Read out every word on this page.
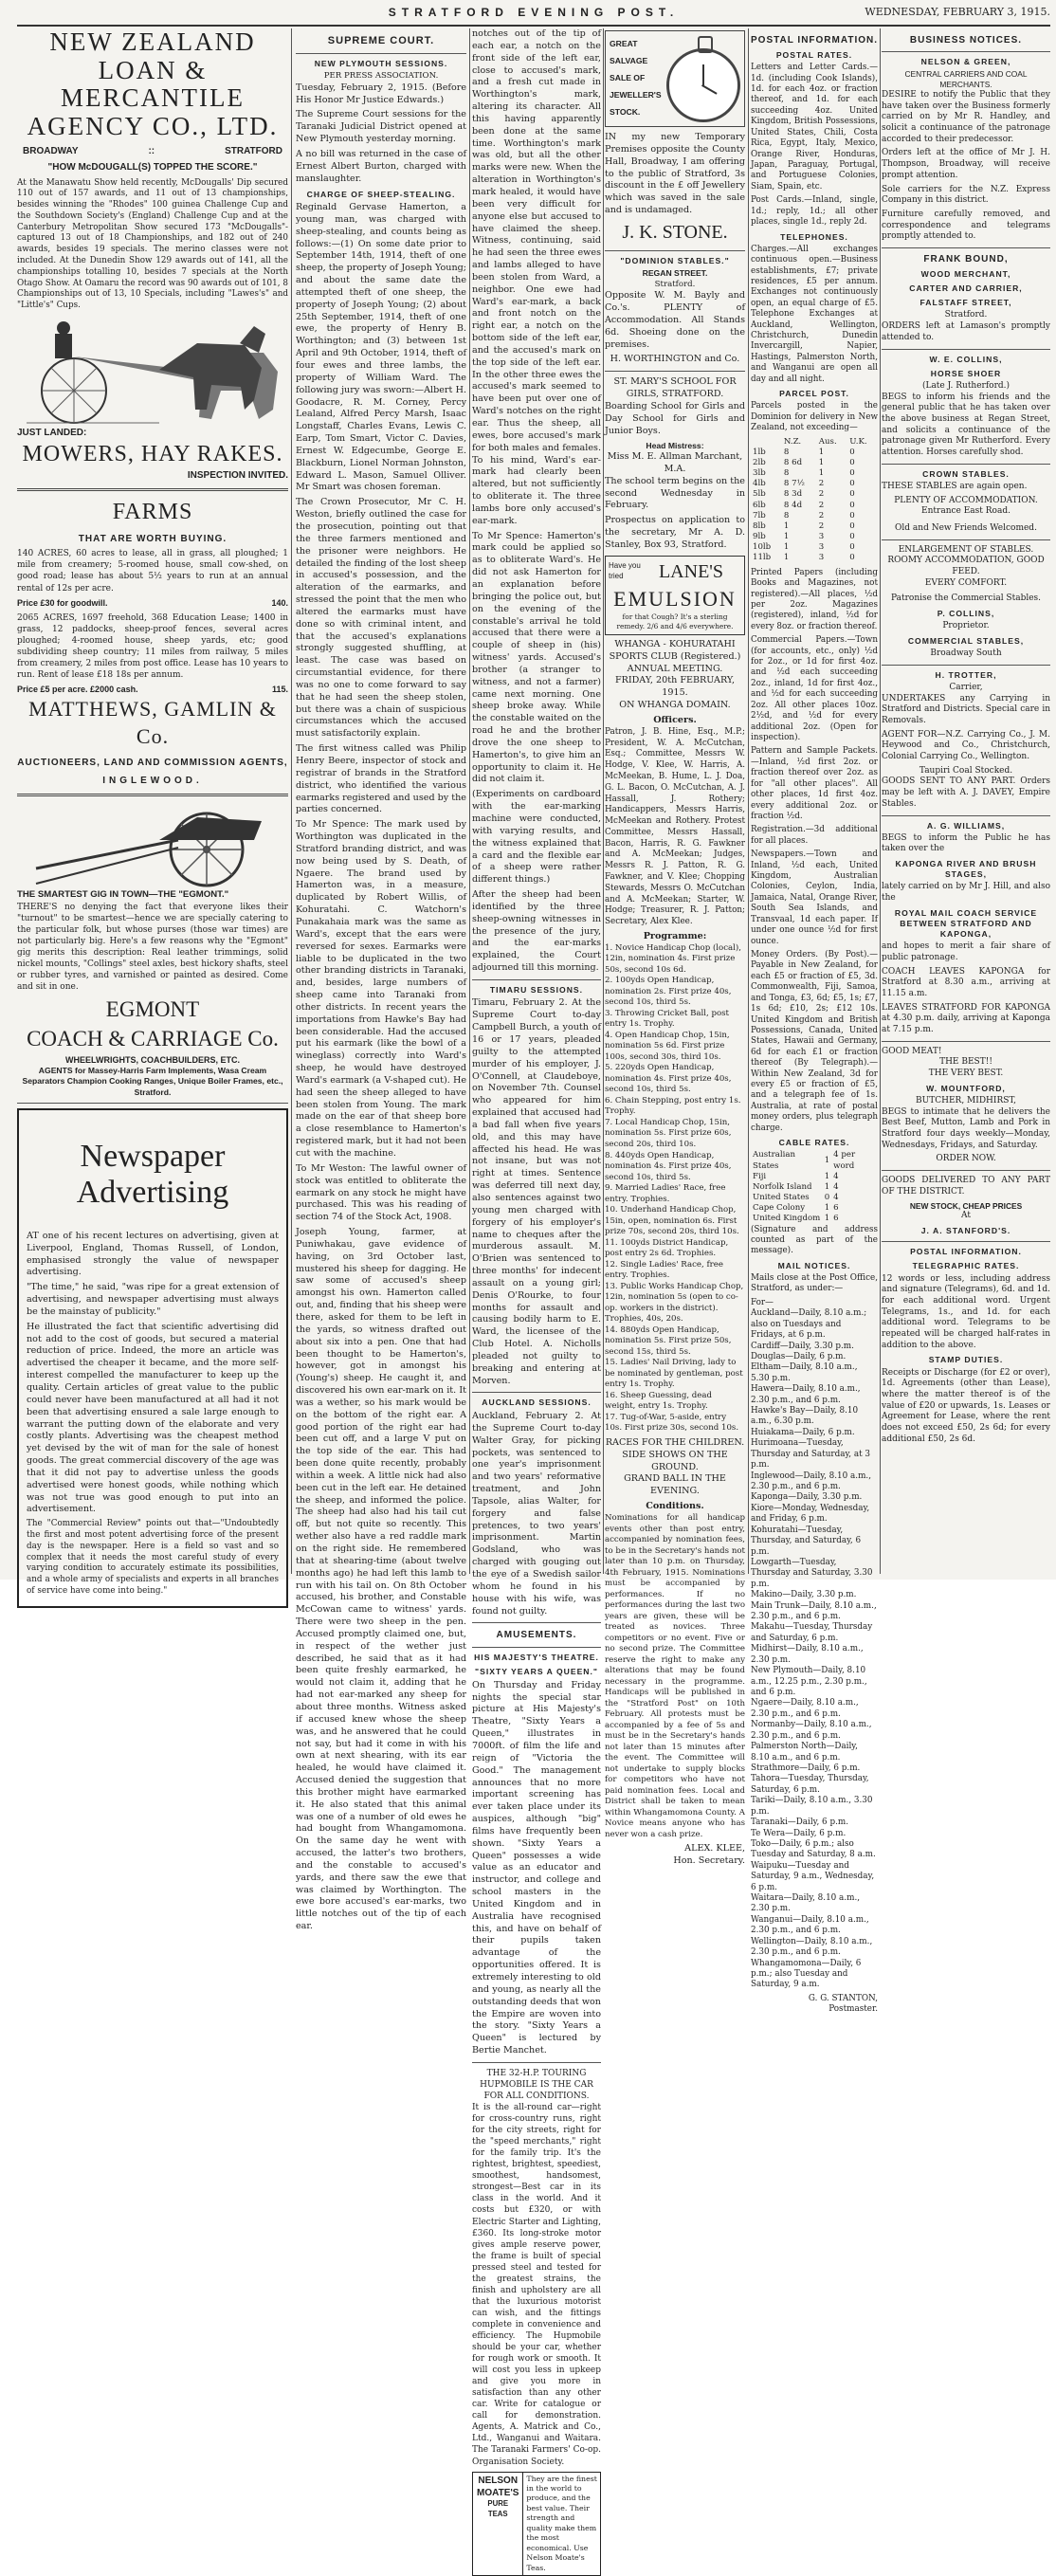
STRATFORD EVENING POST.	WEDNESDAY, FEBRUARY 3, 1915.
NEW ZEALAND
LOAN & MERCANTILE
AGENCY CO., LTD.
BROADWAY	::	STRATFORD
"HOW McDOUGALL(S) TOPPED THE SCORE."

At the Manawatu Show held recently, McDougalls' Dip secured 110 out of 157 awards, and 11 out of 13 championships, besides winning the "Rhodes" 100 guinea Challenge Cup and the Southdown Society's (England) Challenge Cup and at the Canterbury Metropolitan Show secured 173 "McDougalls"-captured 13 out of 18 Championships, and 182 out of 240 awards, besides 19 specials. The merino classes were not included. At the Dunedin Show 129 awards out of 141, all the championships totalling 10, besides 7 specials at the North Otago Show. At Oamaru the record was 90 awards out of 101, 8 Championships out of 13, 10 Specials, including "Lawes's" and "Little's" Cups.

JUST LANDED:
MOWERS, HAY RAKES.
INSPECTION INVITED.
FARMS
THAT ARE WORTH BUYING.

140 ACRES, 60 acres to lease, all in grass, all ploughed; 1 mile from creamery; 5-roomed house, small cow-shed, on good road; lease has about 5½ years to run at an annual rental of 12s per acre.

Price £30 for goodwill.	140.

2065 ACRES, 1697 freehold, 368 Education Lease; 1400 in grass, 12 paddocks, sheep-proof fences, several acres ploughed; 4-roomed house, sheep yards, etc; good subdividing sheep country; 11 miles from railway, 5 miles from creamery, 2 miles from post office. Lease has 10 years to run. Rent of lease £18 18s per annum.

Price £5 per acre. £2000 cash.	115.
MATTHEWS, GAMLIN & Co.
AUCTIONEERS, LAND AND COMMISSION AGENTS,
INGLEWOOD.
THE SMARTEST GIG IN TOWN—THE "EGMONT."

THERE'S no denying the fact that everyone likes their "turnout" to be smartest—hence we are specially catering to the particular folk, but whose purses (those war times) are not particularly big. Here's a few reasons why the "Egmont" gig merits this description: Real leather trimmings, solid nickel mounts, "Collings" steel axles, best hickory shafts, steel or rubber tyres, and varnished or painted as desired. Come and sit in one.

EGMONT
COACH & CARRIAGE Co.
WHEELWRIGHTS, COACHBUILDERS, ETC.
AGENTS for Massey-Harris Farm Implements, Wasa Cream Separators Champion Cooking Ranges, Unique Boiler Frames, etc., Stratford.
Newspaper
Advertising

AT one of his recent lectures on advertising, given at Liverpool, England, Thomas Russell, of London, emphasised strongly the value of newspaper advertising.

"The time," he said, "was ripe for a great extension of advertising, and newspaper advertising must always be the mainstay of publicity."

He illustrated the fact that scientific advertising did not add to the cost of goods, but secured a material reduction of price. Indeed, the more an article was advertised the cheaper it became, and the more self-interest compelled the manufacturer to keep up the quality. Certain articles of great value to the public could never have been manufactured at all had it not been that advertising ensured a sale large enough to warrant the putting down of the elaborate and very costly plants. Advertising was the cheapest method yet devised by the wit of man for the sale of honest goods. The great commercial discovery of the age was that it did not pay to advertise unless the goods advertised were honest goods, while nothing which was not true was good enough to put into an advertisement.

The "Commercial Review" points out that—"Undoubtedly the first and most potent advertising force of the present day is the newspaper. Here is a field so vast and so complex that it needs the most careful study of every varying condition to accurately estimate its possibilities, and a whole army of specialists and experts in all branches of service have come into being."

SUPREME COURT.
NEW PLYMOUTH SESSIONS.
PER PRESS ASSOCIATION.

Tuesday, February 2, 1915. (Before His Honor Mr Justice Edwards.)

The Supreme Court sessions for the Taranaki Judicial District opened at New Plymouth yesterday morning.

A no bill was returned in the case of Ernest Albert Burton, charged with manslaughter.

CHARGE OF SHEEP-STEALING.

Reginald Gervase Hamerton, a young man, was charged with sheep-stealing, and counts being as follows:—(1) On some date prior to September 14th, 1914, theft of one sheep, the property of Joseph Young; and about the same date the attempted theft of one sheep, the property of Joseph Young; (2) about 25th September, 1914, theft of one ewe, the property of Henry B. Worthington; and (3) between 1st April and 9th October, 1914, theft of four ewes and three lambs, the property of William Ward. The following jury was sworn:—Albert H. Goodacre, R. M. Corney, Percy Lealand, Alfred Percy Marsh, Isaac Longstaff, Charles Evans, Lewis C. Earp, Tom Smart, Victor C. Davies, Ernest W. Edgecumbe, George E. Blackburn, Lionel Norman Johnston, Edward L. Mason, Samuel Olliver. Mr Smart was chosen foreman.

The Crown Prosecutor, Mr C. H. Weston, briefly outlined the case for the prosecution, pointing out that the three farmers mentioned and the prisoner were neighbors. He detailed the finding of the lost sheep in accused's possession, and the alteration of the earmarks, and stressed the point that the men who altered the earmarks must have done so with criminal intent, and that the accused's explanations strongly suggested shuffling, at least. The case was based on circumstantial evidence, for there was no one to come forward to say that he had seen the sheep stolen, but there was a chain of suspicious circumstances which the accused must satisfactorily explain.

The first witness called was Philip Henry Beere, inspector of stock and registrar of brands in the Stratford district, who identified the various earmarks registered and used by the parties concerned.

To Mr Spence: The mark used by Worthington was duplicated in the Stratford branding district, and was now being used by S. Death, of Ngaere. The brand used by Hamerton was, in a measure, duplicated by Robert Willis, of Kohuratahi. C. Watchorn's Punakahaia mark was the same as Ward's, except that the ears were reversed for sexes. Earmarks were liable to be duplicated in the two other branding districts in Taranaki, and, besides, large numbers of sheep came into Taranaki from other districts. In recent years the importations from Hawke's Bay had been considerable. Had the accused put his earmark (like the bowl of a wineglass) correctly into Ward's sheep, he would have destroyed Ward's earmark (a V-shaped cut). He had seen the sheep alleged to have been stolen from Young. The mark made on the ear of that sheep bore a close resemblance to Hamerton's registered mark, but it had not been cut with the machine.

To Mr Weston: The lawful owner of stock was entitled to obliterate the earmark on any stock he might have purchased. This was his reading of section 74 of the Stock Act, 1908.

Joseph Young, farmer, at Puniwhakau, gave evidence of having, on 3rd October last, mustered his sheep for dagging. He saw some of accused's sheep amongst his own. Hamerton called out, and, finding that his sheep were there, asked for them to be left in the yards, so witness drafted out about six into a pen. One that had been thought to be Hamerton's, however, got in amongst his (Young's) sheep. He caught it, and discovered his own ear-mark on it. It was a wether, so his mark would be on the bottom of the right ear. A good portion of the right ear had been cut off, and a large V put on the top side of the ear. This had been done quite recently, probably within a week. A little nick had also been cut in the left ear. He detained the sheep, and informed the police. The sheep had also had his tail cut off, but not quite so recently. This wether also have a red raddle mark on the right side. He remembered that at shearing-time (about twelve months ago) he had left this lamb to run with his tail on. On 8th October accused, his brother, and Constable McCowan came to witness' yards. There were two sheep in the pen. Accused promptly claimed one, but, in respect of the wether just described, he said that as it had been quite freshly earmarked, he would not claim it, adding that he had not ear-marked any sheep for about three months. Witness asked if accused knew whose the sheep was, and he answered that he could not say, but had it come in with his own at next shearing, with its ear healed, he would have claimed it. Accused denied the suggestion that this brother might have earmarked it. He also stated that this animal was one of a number of old ewes he had bought from Whangamomona. On the same day he went with accused, the latter's two brothers, and the constable to accused's yards, and there saw the ewe that was claimed by Worthington. The ewe bore accused's ear-marks, two little notches out of the tip of each ear.

notches out of the tip of each ear, a notch on the front side of the left ear, close to accused's mark, and a fresh cut made in Worthington's mark, altering its character. All this having apparently been done at the same time. Worthington's mark was old, but all the other marks were new. When the alteration in Worthington's mark healed, it would have been very difficult for anyone else but accused to have claimed the sheep. Witness, continuing, said he had seen the three ewes and lambs alleged to have been stolen from Ward, a neighbor. One ewe had Ward's ear-mark, a back and front notch on the right ear, a notch on the bottom side of the left ear, and the accused's mark on the top side of the left ear. In the other three ewes the accused's mark seemed to have been put over one of Ward's notches on the right ear. Thus the sheep, all ewes, bore accused's mark for both males and females. To his mind, Ward's ear-mark had clearly been altered, but not sufficiently to obliterate it. The three lambs bore only accused's ear-mark.

To Mr Spence: Hamerton's mark could be applied so as to obliterate Ward's. He did not ask Hamerton for an explanation before bringing the police out, but on the evening of the constable's arrival he told accused that there were a couple of sheep in (his) witness' yards. Accused's brother (a stranger to witness, and not a farmer) came next morning. One sheep broke away. While the constable waited on the road he and the brother drove the one sheep to Hamerton's, to give him an opportunity to claim it. He did not claim it.

(Experiments on cardboard with the ear-marking machine were conducted, with varying results, and the witness explained that a card and the flexible ear of a sheep were rather different things.)

After the sheep had been identified by the three sheep-owning witnesses in the presence of the jury, and the ear-marks explained, the Court adjourned till this morning.

TIMARU SESSIONS.

Timaru, February 2. At the Supreme Court to-day Campbell Burch, a youth of 16 or 17 years, pleaded guilty to the attempted murder of his employer, J. O'Connell, at Claudeboye, on November 7th. Counsel who appeared for him explained that accused had a bad fall when five years old, and this may have affected his head. He was not insane, but was not right at times. Sentence was deferred till next day, also sentences against two young men charged with forgery of his employer's name to cheques after the murderous assault. M. O'Brien was sentenced to three months' for indecent assault on a young girl; Denis O'Rourke, to four months for assault and causing bodily harm to E. Ward, the licensee of the Club Hotel. A. Nicholls pleaded not guilty to breaking and entering at Morven.

AUCKLAND SESSIONS.

Auckland, February 2. At the Supreme Court to-day Walter Gray, for picking pockets, was sentenced to one year's imprisonment and two years' reformative treatment, and John Tapsole, alias Walter, for forgery and false pretences, to two years' imprisonment. Martin Godsland, who was charged with gouging out the eye of a Swedish sailor whom he found in his house with his wife, was found not guilty.

AMUSEMENTS.
HIS MAJESTY'S THEATRE.
"SIXTY YEARS A QUEEN."

On Thursday and Friday nights the special star picture at His Majesty's Theatre, "Sixty Years a Queen," illustrates in 7000ft. of film the life and reign of "Victoria the Good." The management announces that no more important screening has ever taken place under its auspices, although "big" films have frequently been shown. "Sixty Years a Queen" possesses a wide value as an educator and instructor, and college and school masters in the United Kingdom and in Australia have recognised this, and have on behalf of their pupils taken advantage of the opportunities offered. It is extremely interesting to old and young, as nearly all the outstanding deeds that won the Empire are woven into the story. "Sixty Years a Queen" is lectured by Bertie Manchet.

THE 32-H.P. TOURING HUPMOBILE IS THE CAR FOR ALL CONDITIONS.

It is the all-round car—right for cross-country runs, right for the city streets, right for the "speed merchants," right for the family trip. It's the rightest, brightest, speediest, smoothest, handsomest, strongest—Best car in its class in the world. And it costs but £320, or with Electric Starter and Lighting, £360. Its long-stroke motor gives ample reserve power, the frame is built of special pressed steel and tested for the greatest strains, the finish and upholstery are all that the luxurious motorist can wish, and the fittings complete in convenience and efficiency. The Hupmobile should be your car, whether for rough work or smooth. It will cost you less in upkeep and give you more in satisfaction than any other car. Write for catalogue or call for demonstration. Agents, A. Matrick and Co., Ltd., Wanganui and Waitara. The Taranaki Farmers' Co-op. Organisation Society.

NELSON
MOATE'S
PURE TEAS
They are the finest in the world to produce, and the best value. Their strength and quality make them the most economical. Use Nelson Moate's Teas.
GREAT
SALVAGE
SALE OF
JEWELLER'S
STOCK.

IN my new Temporary Premises opposite the County Hall, Broadway, I am offering to the public of Stratford, 3s discount in the £ off Jewellery which was saved in the sale and is undamaged.

J. K. STONE.
"DOMINION STABLES."
REGAN STREET.
Stratford.

Opposite W. M. Bayly and Co.'s. PLENTY of Accommodation. All Stands 6d. Shoeing done on the premises.

H. WORTHINGTON and Co.
ST. MARY'S SCHOOL FOR GIRLS, STRATFORD.

Boarding School for Girls and Day School for Girls and Junior Boys.

Head Mistress:
Miss M. E. Allman Marchant, M.A.

The school term begins on the second Wednesday in February.

Prospectus on application to the secretary, Mr A. D. Stanley, Box 93, Stratford.

Have you tried	LANE'S
EMULSION
for that Cough? It's a sterling remedy. 2/6 and 4/6 everywhere.
WHANGA - KOHURATAHI SPORTS CLUB (Registered.)
ANNUAL MEETING.
FRIDAY, 20th FEBRUARY, 1915.
ON WHANGA DOMAIN.
Officers.

Patron, J. B. Hine, Esq., M.P.; President, W. A. McCutchan, Esq.; Committee, Messrs W. Hodge, V. Klee, W. Harris, A. McMeekan, B. Hume, L. J. Doa, G. L. Bacon, O. McCutchan, A. J. Hassall, J. Rothery; Handicappers, Messrs Harris, McMeekan and Rothery. Protest Committee, Messrs Hassall, Bacon, Harris, R. G. Fawkner and A. McMeekan; Judges, Messrs R. J. Patton, R. G. Fawkner, and V. Klee; Chopping Stewards, Messrs O. McCutchan and A. McMeekan; Starter, W. Hodge; Treasurer, R. J. Patton; Secretary, Alex Klee.

Programme:
1. Novice Handicap Chop (local), 12in, nomination 4s. First prize 50s, second 10s 6d.
2. 100yds Open Handicap, nomination 2s. First prize 40s, second 10s, third 5s.
3. Throwing Cricket Ball, post entry 1s. Trophy.
4. Open Handicap Chop, 15in, nomination 5s 6d. First prize 100s, second 30s, third 10s.
5. 220yds Open Handicap, nomination 4s. First prize 40s, second 10s, third 5s.
6. Chain Stepping, post entry 1s. Trophy.
7. Local Handicap Chop, 15in, nomination 5s. First prize 60s, second 20s, third 10s.
8. 440yds Open Handicap, nomination 4s. First prize 40s, second 10s, third 5s.
9. Married Ladies' Race, free entry. Trophies.
10. Underhand Handicap Chop, 15in, open, nomination 6s. First prize 70s, second 20s, third 10s.
11. 100yds District Handicap, post entry 2s 6d. Trophies.
12. Single Ladies' Race, free entry. Trophies.
13. Public Works Handicap Chop, 12in, nomination 5s (open to co-op. workers in the district). Trophies, 40s, 20s.
14. 880yds Open Handicap, nomination 5s. First prize 50s, second 15s, third 5s.
15. Ladies' Nail Driving, lady to be nominated by gentleman, post entry 1s. Trophy.
16. Sheep Guessing, dead weight, entry 1s. Trophy.
17. Tug-of-War, 5-aside, entry 10s. First prize 30s, second 10s.
RACES FOR THE CHILDREN.
SIDE SHOWS ON THE GROUND.
GRAND BALL IN THE EVENING.
Conditions.

Nominations for all handicap events other than post entry, accompanied by nomination fees, to be in the Secretary's hands not later than 10 p.m. on Thursday, 4th February, 1915. Nominations must be accompanied by performances. If no performances during the last two years are given, these will be treated as novices. Three competitors or no event. Five or no second prize. The Committee reserve the right to make any alterations that may be found necessary in the programme. Handicaps will be published in the "Stratford Post" on 10th February. All protests must be accompanied by a fee of 5s and must be in the Secretary's hands not later than 15 minutes after the event. The Committee will not undertake to supply blocks for competitors who have not paid nomination fees. Local and District shall be taken to mean within Whangamomona County. A Novice means anyone who has never won a cash prize.

ALEX. KLEE,
Hon. Secretary.
POSTAL INFORMATION.
POSTAL RATES.

Letters and Letter Cards.—1d. (including Cook Islands), 1d. for each 4oz. or fraction thereof, and 1d. for each succeeding 4oz. United Kingdom, British Possessions, United States, Chili, Costa Rica, Egypt, Italy, Mexico, Orange River, Honduras, Japan, Paraguay, Portugal, and Portuguese Colonies, Siam, Spain, etc.

Post Cards.—Inland, single, 1d.; reply, 1d.; all other places, single 1d., reply 2d.

TELEPHONES.

Charges.—All exchanges continuous open.—Business establishments, £7; private residences, £5 per annum. Exchanges not continuously open, an equal charge of £5. Telephone Exchanges at Auckland, Wellington, Christchurch, Dunedin Invercargill, Napier, Hastings, Palmerston North, and Wanganui are open all day and all night.

PARCEL POST.

Parcels posted in the Dominion for delivery in New Zealand, not exceeding—

	N.Z.	Aus.	U.K.
1lb	8	1	0
2lb	8 6d	1	0
3lb	8	1	0
4lb	8 7½	2	0
5lb	8 3d	2	0
6lb	8 4d	2	0
7lb	8	2	0
8lb	1	2	0
9lb	1	3	0
10lb	1	3	0
11lb	1	3	0

Printed Papers (including Books and Magazines, not registered).—All places, ½d per 2oz. Magazines (registered), inland, ½d for every 8oz. or fraction thereof.

Commercial Papers.—Town (for accounts, etc., only) ½d for 2oz., or 1d for first 4oz. and ½d each succeeding 2oz., inland, 1d for first 4oz., and ½d for each succeeding 2oz. All other places 10oz. 2½d, and ½d for every additional 2oz. (Open for inspection).

Pattern and Sample Packets.—Inland, ½d first 2oz. or fraction thereof over 2oz. as for "all other places". All other places, 1d first 4oz. every additional 2oz. or fraction ½d.

Registration.—3d additional for all places.

Newspapers.—Town and Inland, ½d each, United Kingdom, Australian Colonies, Ceylon, India, Jamaica, Natal, Orange River, South Sea Islands, and Transvaal, 1d each paper. If under one ounce ½d for first ounce.

Money Orders. (By Post).—Payable in New Zealand, for each £5 or fraction of £5, 3d. Commonwealth, Fiji, Samoa, and Tonga, £3, 6d; £5, 1s; £7, 1s 6d; £10, 2s; £12 10s. United Kingdom and British Possessions, Canada, United States, Hawaii and Germany, 6d for each £1 or fraction thereof (By Telegraph).—Within New Zealand, 3d for every £5 or fraction of £5, and a telegraph fee of 1s. Australia, at rate of postal money orders, plus telegraph charge.

CABLE RATES.
Australian States	1	4 per word
Fiji	1	4
Norfolk Island	1	4
United States	0	4
Cape Colony	1	6
United Kingdom	1	6

(Signature and address counted as part of the message).

MAIL NOTICES.

Mails close at the Post Office, Stratford, as under:—

For—
Auckland—Daily, 8.10 a.m.; also on Tuesdays and Fridays, at 6 p.m.
Cardiff—Daily, 3.30 p.m.
Douglas—Daily, 6 p.m.
Eltham—Daily, 8.10 a.m., 5.30 p.m.
Hawera—Daily, 8.10 a.m., 2.30 p.m., and 6 p.m.
Hawke's Bay—Daily, 8.10 a.m., 6.30 p.m.
Huiakama—Daily, 6 p.m.
Hurimoana—Tuesday, Thursday and Saturday, at 3 p.m.
Inglewood—Daily, 8.10 a.m., 2.30 p.m., and 6 p.m.
Kaponga—Daily, 3.30 p.m.
Kiore—Monday, Wednesday, and Friday, 6 p.m.
Kohuratahi—Tuesday, Thursday, and Saturday, 6 p.m.
Lowgarth—Tuesday, Thursday and Saturday, 3.30 p.m.
Makino—Daily, 3.30 p.m.
Main Trunk—Daily, 8.10 a.m., 2.30 p.m., and 6 p.m.
Makahu—Tuesday, Thursday and Saturday, 6 p.m.
Midhirst—Daily, 8.10 a.m., 2.30 p.m.
New Plymouth—Daily, 8.10 a.m., 12.25 p.m., 2.30 p.m., and 6 p.m.
Ngaere—Daily, 8.10 a.m., 2.30 p.m., and 6 p.m.
Normanby—Daily, 8.10 a.m., 2.30 p.m., and 6 p.m.
Palmerston North—Daily, 8.10 a.m., and 6 p.m.
Strathmore—Daily, 6 p.m.
Tahora—Tuesday, Thursday, Saturday, 6 p.m.
Tariki—Daily, 8.10 a.m., 3.30 p.m.
Taranaki—Daily, 6 p.m.
Te Wera—Daily, 6 p.m.
Toko—Daily, 6 p.m.; also Tuesday and Saturday, 8 a.m.
Waipuku—Tuesday and Saturday, 9 a.m., Wednesday, 6 p.m.
Waitara—Daily, 8.10 a.m., 2.30 p.m.
Wanganui—Daily, 8.10 a.m., 2.30 p.m., and 6 p.m.
Wellington—Daily, 8.10 a.m., 2.30 p.m., and 6 p.m.
Whangamomona—Daily, 6 p.m.; also Tuesday and Saturday, 9 a.m.
G. G. STANTON,
Postmaster.
BUSINESS NOTICES.
NELSON & GREEN,
CENTRAL CARRIERS AND COAL MERCHANTS.

DESIRE to notify the Public that they have taken over the Business formerly carried on by Mr R. Handley, and solicit a continuance of the patronage accorded to their predecessor.

Orders left at the office of Mr J. H. Thompson, Broadway, will receive prompt attention.

Sole carriers for the N.Z. Express Company in this district.

Furniture carefully removed, and correspondence and telegrams promptly attended to.

FRANK BOUND,
WOOD MERCHANT,
CARTER AND CARRIER,
FALSTAFF STREET,
Stratford.

ORDERS left at Lamason's promptly attended to.

W. E. COLLINS,
HORSE SHOER
(Late J. Rutherford.)

BEGS to inform his friends and the general public that he has taken over the above business at Regan Street, and solicits a continuance of the patronage given Mr Rutherford. Every attention. Horses carefully shod.

CROWN STABLES.

THESE STABLES are again open.

PLENTY OF ACCOMMODATION.
Entrance East Road.
Old and New Friends Welcomed.
ENLARGEMENT OF STABLES.
ROOMY ACCOMMODATION, GOOD FEED.
EVERY COMFORT.
Patronise the Commercial Stables.
P. COLLINS,
Proprietor.
COMMERCIAL STABLES,
Broadway South
H. TROTTER,
Carrier,

UNDERTAKES any Carrying in Stratford and Districts. Special care in Removals.

AGENT FOR—N.Z. Carrying Co., J. M. Heywood and Co., Christchurch, Colonial Carrying Co., Wellington.

Taupiri Coal Stocked.

GOODS SENT TO ANY PART. Orders may be left with A. J. DAVEY, Empire Stables.

A. G. WILLIAMS,

BEGS to inform the Public he has taken over the

KAPONGA RIVER AND BRUSH STAGES,

lately carried on by Mr J. Hill, and also the

ROYAL MAIL COACH SERVICE BETWEEN STRATFORD AND KAPONGA,

and hopes to merit a fair share of public patronage.

COACH LEAVES KAPONGA for Stratford at 8.30 a.m., arriving at 11.15 a.m.

LEAVES STRATFORD FOR KAPONGA at 4.30 p.m. daily, arriving at Kaponga at 7.15 p.m.

GOOD MEAT!
THE BEST!!
THE VERY BEST.
W. MOUNTFORD,
BUTCHER, MIDHIRST,

BEGS to intimate that he delivers the Best Beef, Mutton, Lamb and Pork in Stratford four days weekly—Monday, Wednesdays, Fridays, and Saturday.

ORDER NOW.

GOODS DELIVERED TO ANY PART OF THE DISTRICT.

NEW STOCK, CHEAP PRICES
At
J. A. STANFORD'S.
POSTAL INFORMATION.
TELEGRAPHIC RATES.

12 words or less, including address and signature (Telegrams), 6d. and 1d. for each additional word. Urgent Telegrams, 1s., and 1d. for each additional word. Telegrams to be repeated will be charged half-rates in addition to the above.

STAMP DUTIES.

Receipts or Discharge (for £2 or over), 1d. Agreements (other than Lease), where the matter thereof is of the value of £20 or upwards, 1s. Leases or Agreement for Lease, where the rent does not exceed £50, 2s 6d; for every additional £50, 2s 6d.
